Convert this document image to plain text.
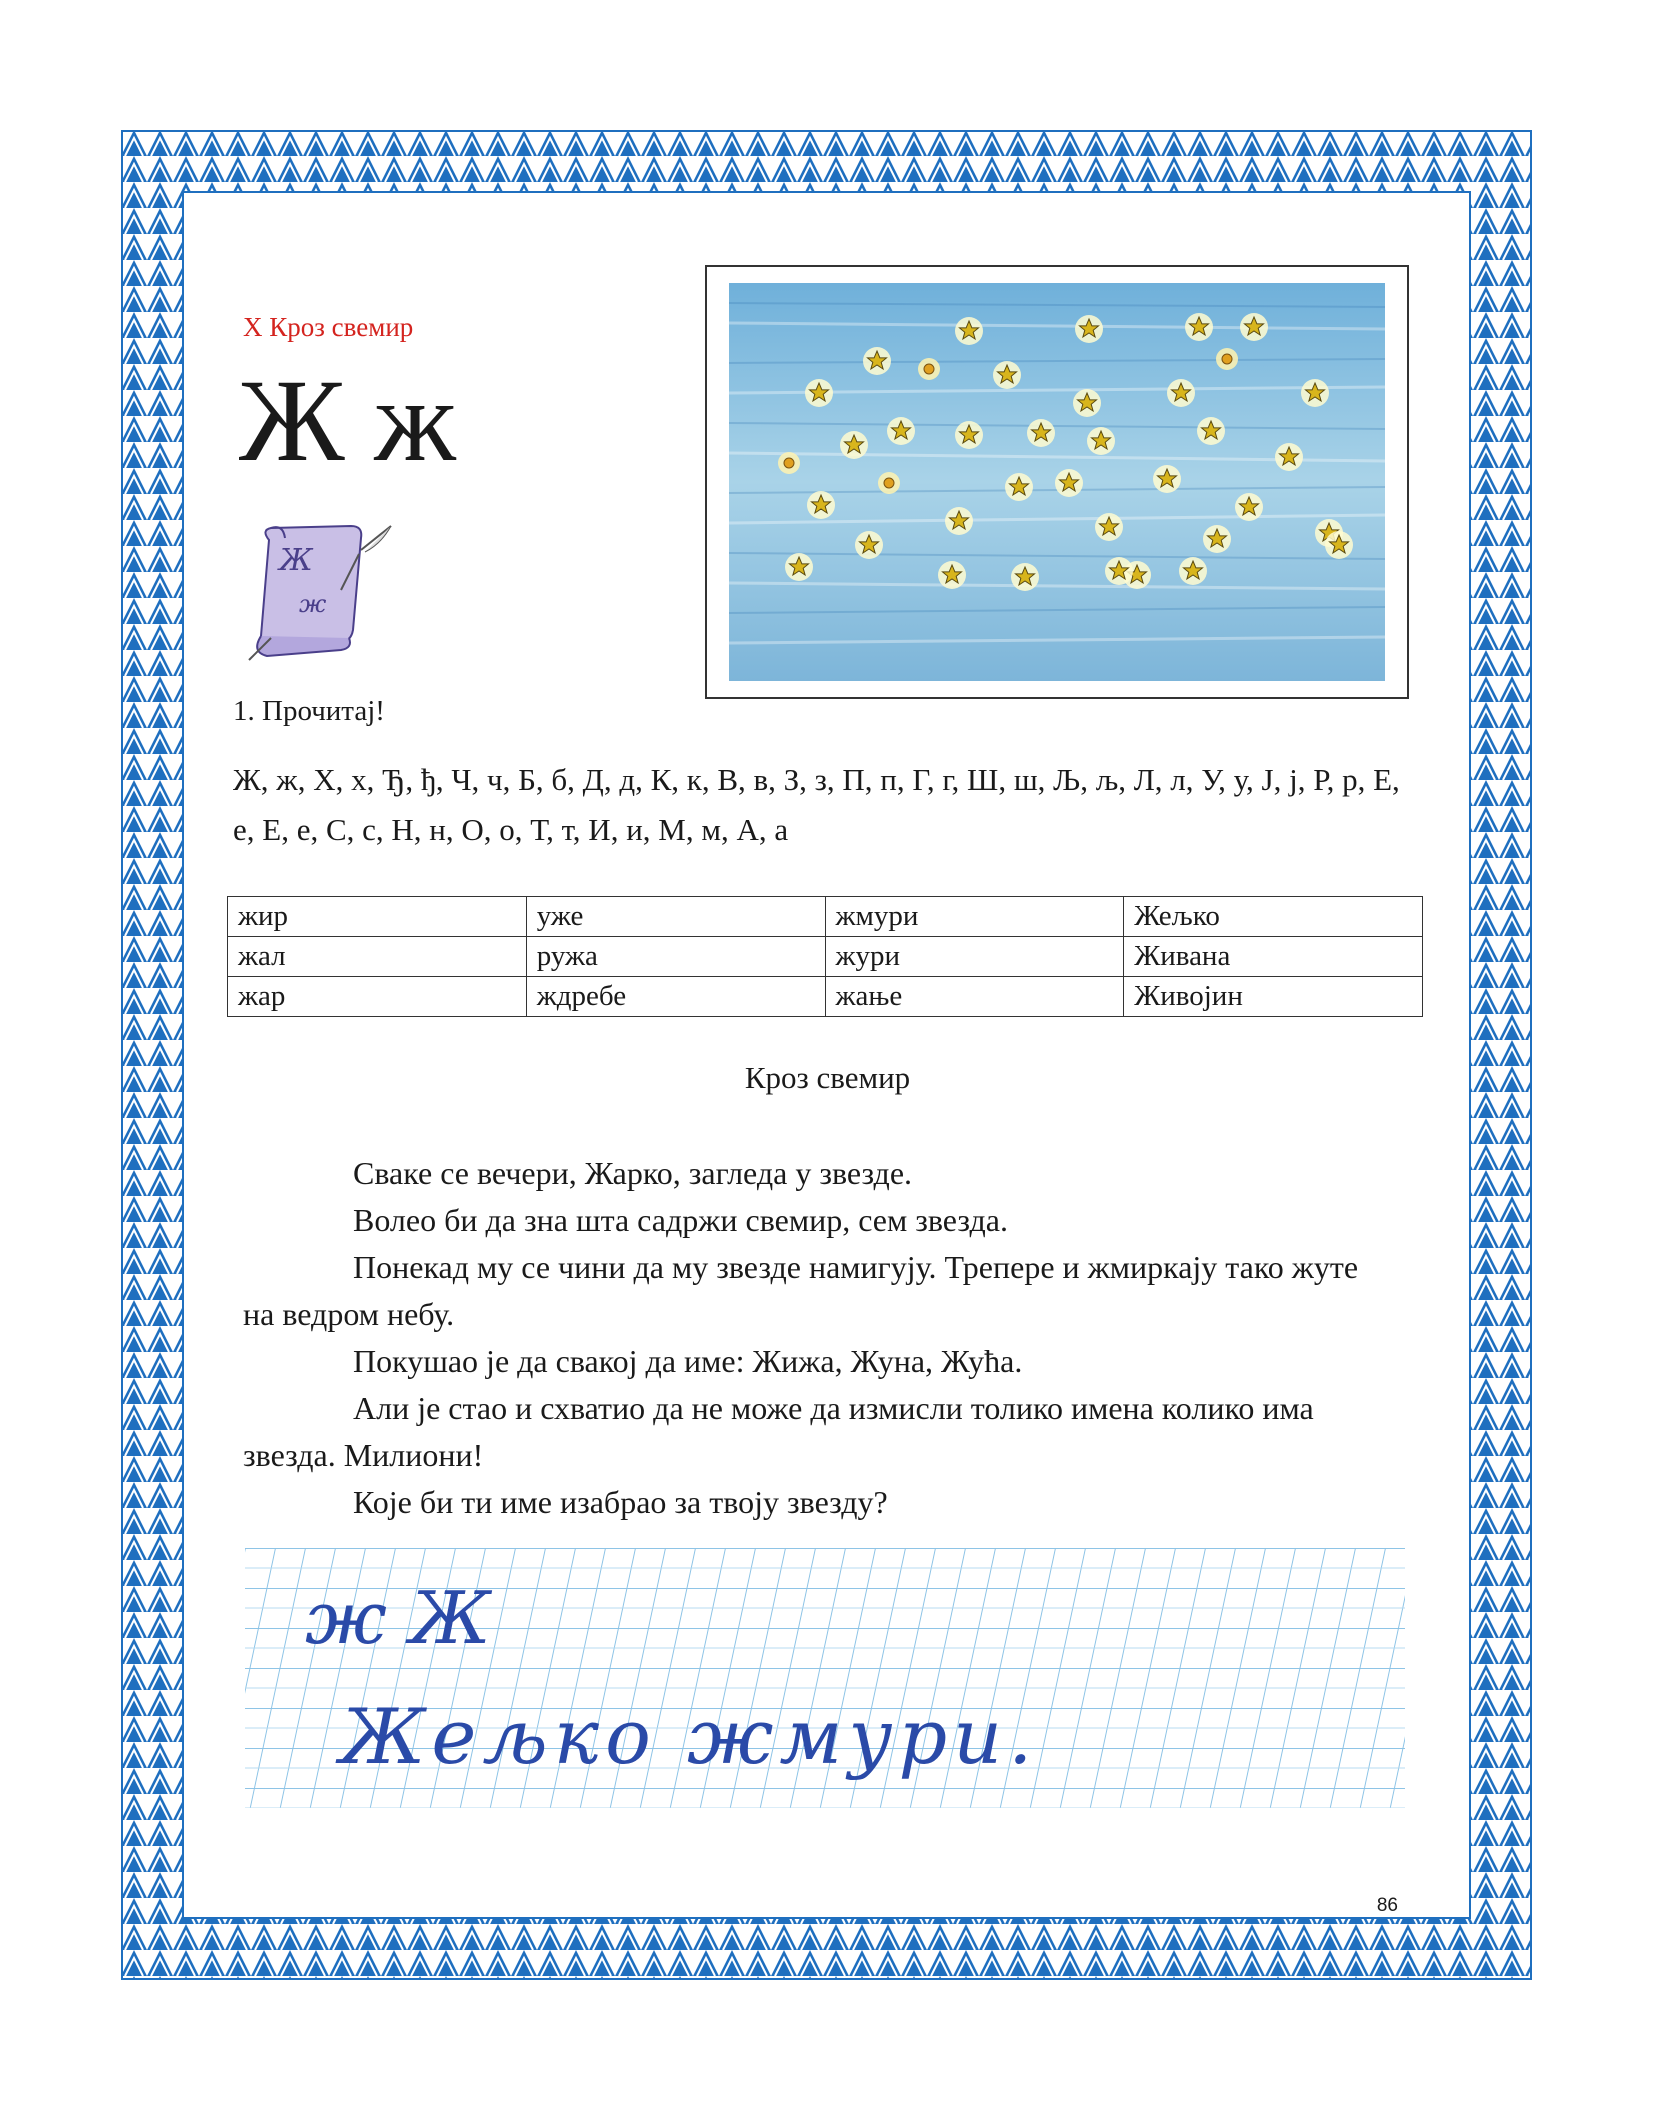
X Кроз свемир
Ж ж
Ж
ж
1. Прочитај!
Ж, ж, Х, х, Ђ, ђ, Ч, ч, Б, б, Д, д, К, к, В, в, З, з, П, п, Г, г, Ш, ш, Љ, љ, Л, л, У, у, Ј, ј, Р, р, Е, е, Е, е, С, с, Н, н, О, о, Т, т, И, и, М, м, А, а
жир	уже	жмури	Жељко
жал	ружа	жури	Живана
жар	ждребе	жање	Живојин
Кроз свемир

Сваке се вечери, Жарко, загледа у звезде.

Волео би да зна шта садржи свемир, сем звезда.

Понекад му се чини да му звезде намигују. Трепере и жмиркају тако жуте на ведром небу.

Покушао је да свакој да име: Жижа, Жуна, Жућа.

Али је стао и схватио да не може да измисли толико имена колико има звезда. Милиони!

Које би ти име изабрао за твоју звезду?

ж Ж
Жељко жмури.
86
